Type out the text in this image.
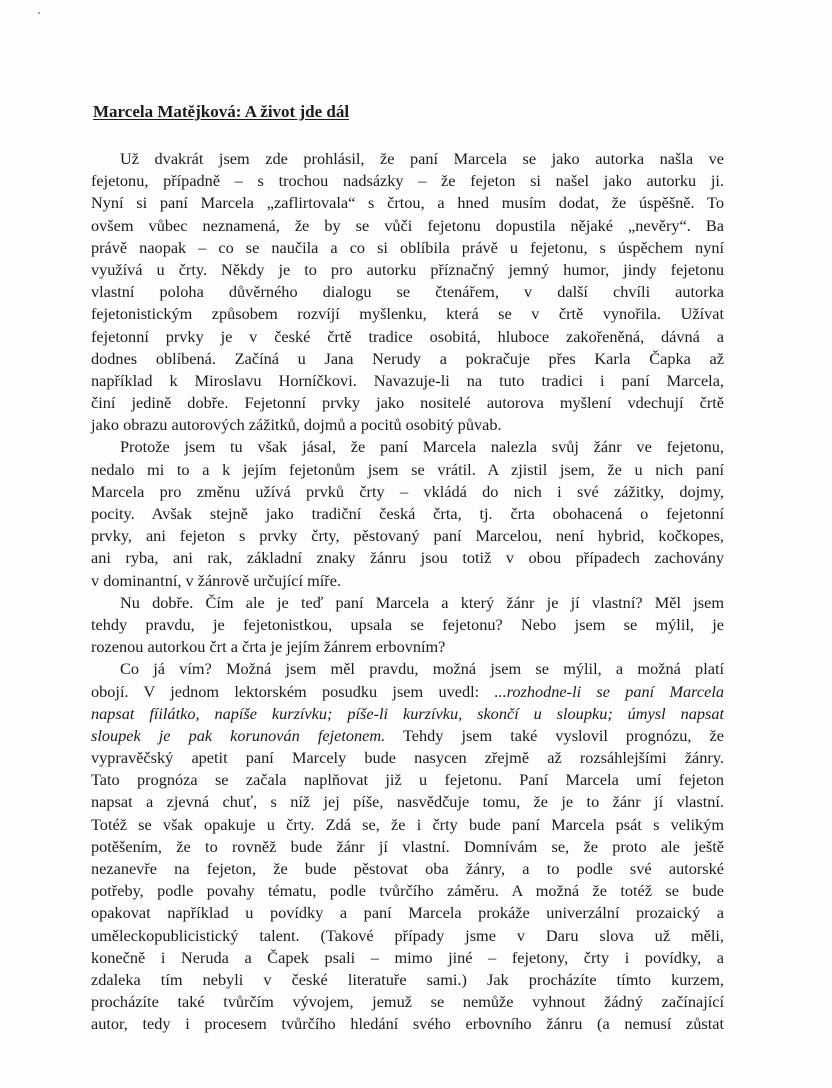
Marcela Matějková: A život jde dál
Už dvakrát jsem zde prohlásil, že paní Marcela se jako autorka našla ve
fejetonu, případně – s trochou nadsázky – že fejeton si našel jako autorku ji.
Nyní si paní Marcela „zaflirtovala“ s črtou, a hned musím dodat, že úspěšně. To
ovšem vůbec neznamená, že by se vůči fejetonu dopustila nějaké „nevěry“. Ba
právě naopak – co se naučila a co si oblíbila právě u fejetonu, s úspěchem nyní
využívá u črty. Někdy je to pro autorku příznačný jemný humor, jindy fejetonu
vlastní poloha důvěrného dialogu se čtenářem, v další chvíli autorka
fejetonistickým způsobem rozvíjí myšlenku, která se v črtě vynořila. Užívat
fejetonní prvky je v české črtě tradice osobitá, hluboce zakořeněná, dávná a
dodnes oblíbená. Začíná u Jana Nerudy a pokračuje přes Karla Čapka až
například k Miroslavu Horníčkovi. Navazuje-li na tuto tradici i paní Marcela,
činí jedině dobře. Fejetonní prvky jako nositelé autorova myšlení vdechují črtě
jako obrazu autorových zážitků, dojmů a pocitů osobitý půvab.
Protože jsem tu však jásal, že paní Marcela nalezla svůj žánr ve fejetonu,
nedalo mi to a k jejím fejetonům jsem se vrátil. A zjistil jsem, že u nich paní
Marcela pro změnu užívá prvků črty – vkládá do nich i své zážitky, dojmy,
pocity. Avšak stejně jako tradiční česká črta, tj. črta obohacená o fejetonní
prvky, ani fejeton s prvky črty, pěstovaný paní Marcelou, není hybrid, kočkopes,
ani ryba, ani rak, základní znaky žánru jsou totiž v obou případech zachovány
v dominantní, v žánrově určující míře.
Nu dobře. Čím ale je teď paní Marcela a který žánr je jí vlastní? Měl jsem
tehdy pravdu, je fejetonistkou, upsala se fejetonu? Nebo jsem se mýlil, je
rozenou autorkou črt a črta je jejím žánrem erbovním?
Co já vím? Možná jsem měl pravdu, možná jsem se mýlil, a možná platí
obojí. V jednom lektorském posudku jsem uvedl: ...rozhodne-li se paní Marcela
napsat fíilátko, napíše kurzívku; píše-li kurzívku, skončí u sloupku; úmysl napsat
sloupek je pak korunován fejetonem. Tehdy jsem také vyslovil prognózu, že
vypravěčský apetit paní Marcely bude nasycen zřejmě až rozsáhlejšími žánry.
Tato prognóza se začala naplňovat již u fejetonu. Paní Marcela umí fejeton
napsat a zjevná chuť, s níž jej píše, nasvědčuje tomu, že je to žánr jí vlastní.
Totéž se však opakuje u črty. Zdá se, že i črty bude paní Marcela psát s velikým
potěšením, že to rovněž bude žánr jí vlastní. Domnívám se, že proto ale ještě
nezanevře na fejeton, že bude pěstovat oba žánry, a to podle své autorské
potřeby, podle povahy tématu, podle tvůrčího záměru. A možná že totéž se bude
opakovat například u povídky a paní Marcela prokáže univerzální prozaický a
uměleckopublicistický talent. (Takové případy jsme v Daru slova už měli,
konečně i Neruda a Čapek psali – mimo jiné – fejetony, črty i povídky, a
zdaleka tím nebyli v české literatuře sami.) Jak procházíte tímto kurzem,
procházíte také tvůrčím vývojem, jemuž se nemůže vyhnout žádný začínající
autor, tedy i procesem tvůrčího hledání svého erbovního žánru (a nemusí zůstat
